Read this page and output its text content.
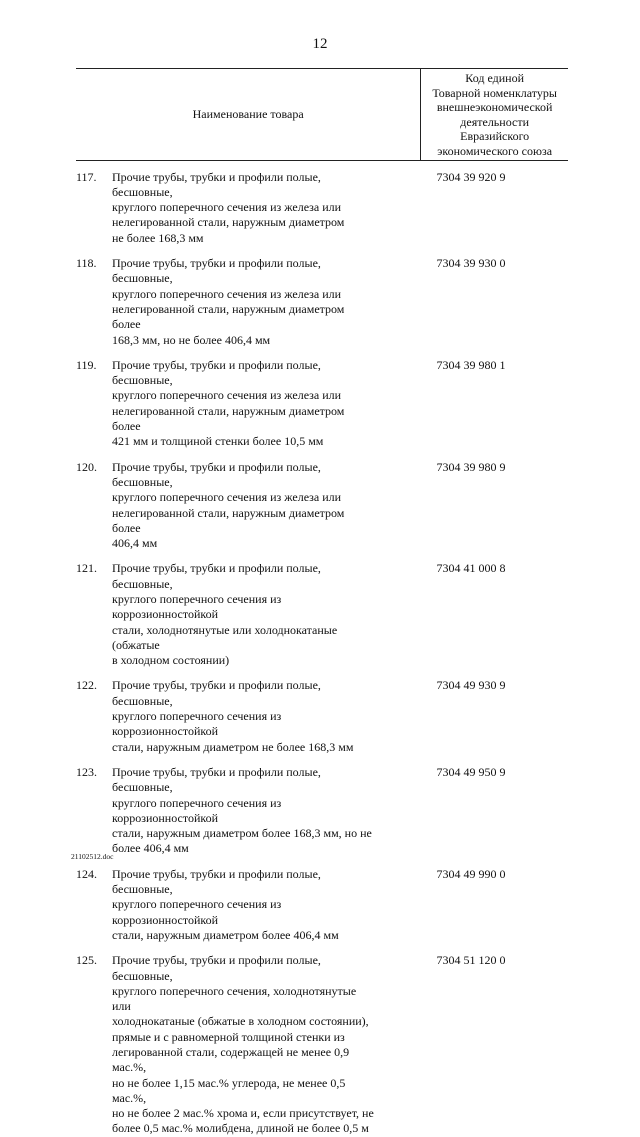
12
Наименование товара
Код единой
Товарной номенклатуры
внешнеэкономической
деятельности
Евразийского
экономического союза
117.	Прочие трубы, трубки и профили полые, бесшовные,
круглого поперечного сечения из железа или
нелегированной стали, наружным диаметром
не более 168,3 мм
7304 39 920 9
118.	Прочие трубы, трубки и профили полые, бесшовные,
круглого поперечного сечения из железа или
нелегированной стали, наружным диаметром более
168,3 мм, но не более 406,4 мм
7304 39 930 0
119.	Прочие трубы, трубки и профили полые, бесшовные,
круглого поперечного сечения из железа или
нелегированной стали, наружным диаметром более
421 мм и толщиной стенки более 10,5 мм
7304 39 980 1
120.	Прочие трубы, трубки и профили полые, бесшовные,
круглого поперечного сечения из железа или
нелегированной стали, наружным диаметром более
406,4 мм
7304 39 980 9
121.	Прочие трубы, трубки и профили полые, бесшовные,
круглого поперечного сечения из коррозионностойкой
стали, холоднотянутые или холоднокатаные (обжатые
в холодном состоянии)
7304 41 000 8
122.	Прочие трубы, трубки и профили полые, бесшовные,
круглого поперечного сечения из коррозионностойкой
стали, наружным диаметром не более 168,3 мм
7304 49 930 9
123.	Прочие трубы, трубки и профили полые, бесшовные,
круглого поперечного сечения из коррозионностойкой
стали, наружным диаметром более 168,3 мм, но не
более 406,4 мм
7304 49 950 9
124.	Прочие трубы, трубки и профили полые, бесшовные,
круглого поперечного сечения из коррозионностойкой
стали, наружным диаметром более 406,4 мм
7304 49 990 0
125.	Прочие трубы, трубки и профили полые, бесшовные,
круглого поперечного сечения, холоднотянутые или
холоднокатаные (обжатые в холодном состоянии),
прямые и с равномерной толщиной стенки из
легированной стали, содержащей не менее 0,9 мас.%,
но не более 1,15 мас.% углерода, не менее 0,5 мас.%,
но не более 2 мас.% хрома и, если присутствует, не
более 0,5 мас.% молибдена, длиной не более 0,5 м
7304 51 120 0
21102512.doc
